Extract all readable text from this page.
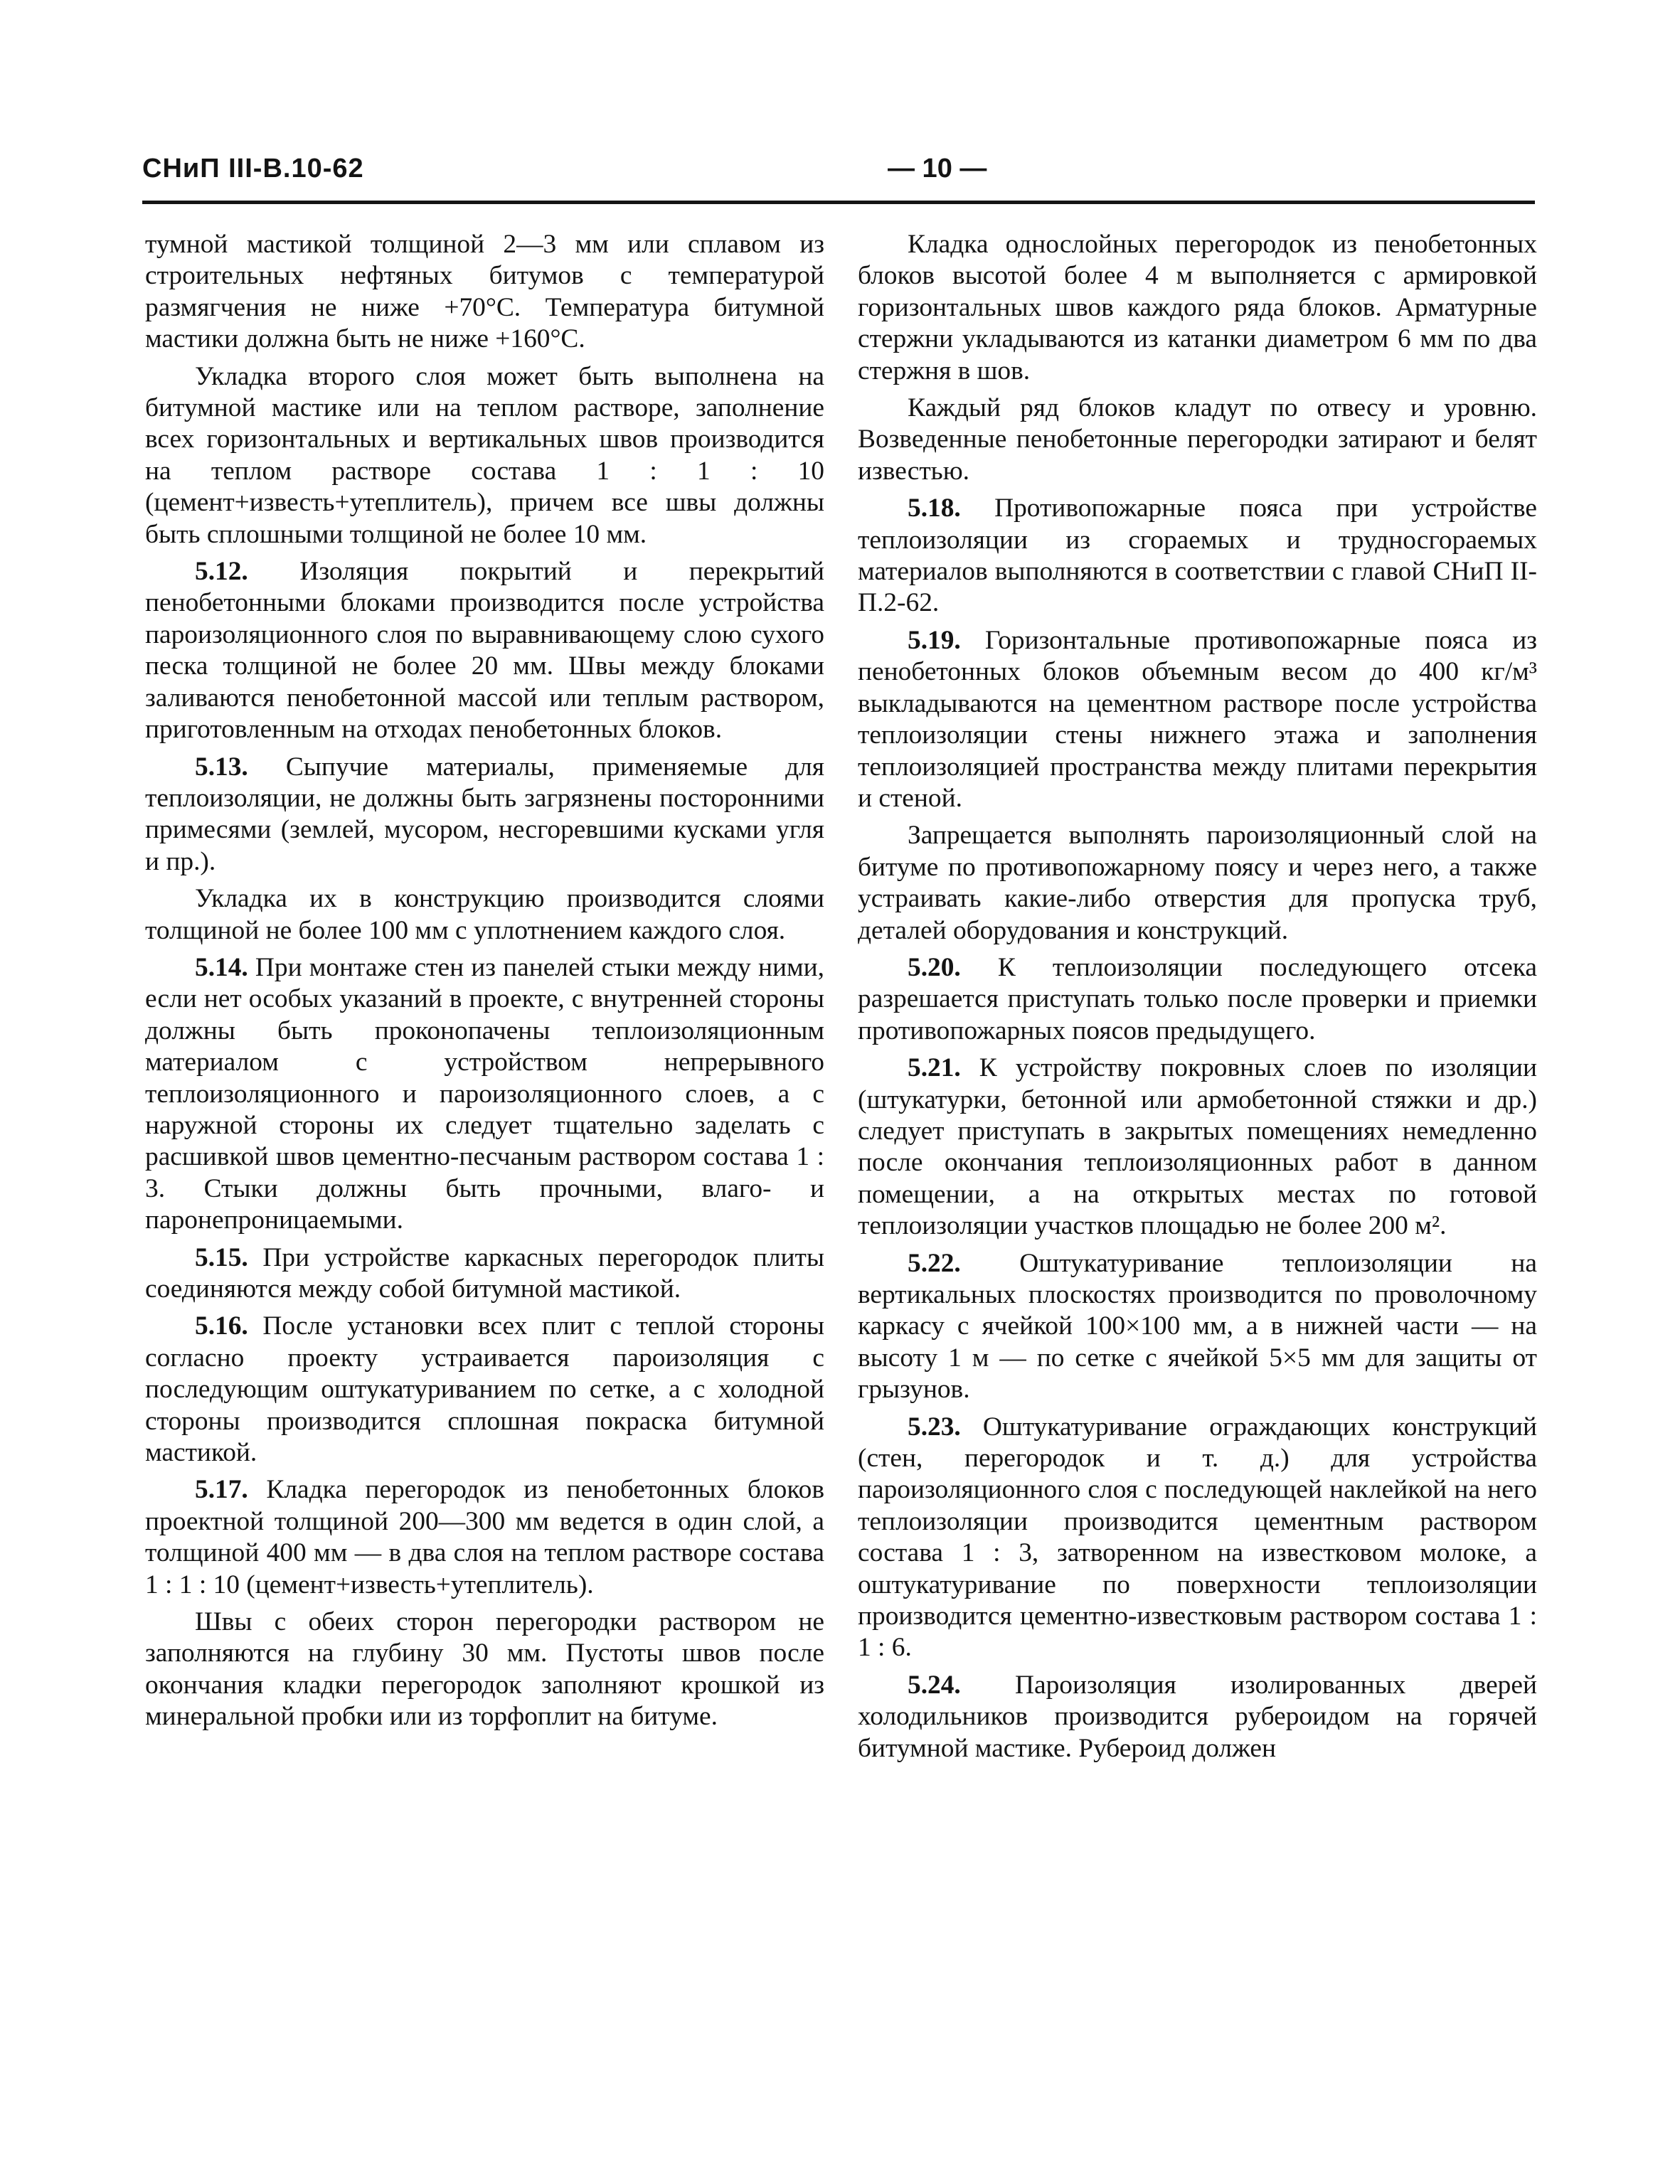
СНиП III-В.10-62	— 10 —

тумной мастикой толщиной 2—3 мм или сплавом из строительных нефтяных битумов с температурой размягчения не ниже +70°С. Температура битумной мастики должна быть не ниже +160°С.

Укладка второго слоя может быть выполнена на битумной мастике или на теплом растворе, заполнение всех горизонтальных и вертикальных швов производится на теплом растворе состава 1 : 1 : 10 (цемент+известь+утеплитель), причем все швы должны быть сплошными толщиной не более 10 мм.

5.12. Изоляция покрытий и перекрытий пенобетонными блоками производится после устройства пароизоляционного слоя по выравнивающему слою сухого песка толщиной не более 20 мм. Швы между блоками заливаются пенобетонной массой или теплым раствором, приготовленным на отходах пенобетонных блоков.

5.13. Сыпучие материалы, применяемые для теплоизоляции, не должны быть загрязнены посторонними примесями (землей, мусором, несгоревшими кусками угля и пр.).

Укладка их в конструкцию производится слоями толщиной не более 100 мм с уплотнением каждого слоя.

5.14. При монтаже стен из панелей стыки между ними, если нет особых указаний в проекте, с внутренней стороны должны быть проконопачены теплоизоляционным материалом с устройством непрерывного теплоизоляционного и пароизоляционного слоев, а с наружной стороны их следует тщательно заделать с расшивкой швов цементно-песчаным раствором состава 1 : 3. Стыки должны быть прочными, влаго- и паронепроницаемыми.

5.15. При устройстве каркасных перегородок плиты соединяются между собой битумной мастикой.

5.16. После установки всех плит с теплой стороны согласно проекту устраивается пароизоляция с последующим оштукатуриванием по сетке, а с холодной стороны производится сплошная покраска битумной мастикой.

5.17. Кладка перегородок из пенобетонных блоков проектной толщиной 200—300 мм ведется в один слой, а толщиной 400 мм — в два слоя на теплом растворе состава 1 : 1 : 10 (цемент+известь+утеплитель).

Швы с обеих сторон перегородки раствором не заполняются на глубину 30 мм. Пустоты швов после окончания кладки перегородок заполняют крошкой из минеральной пробки или из торфоплит на битуме.

Кладка однослойных перегородок из пенобетонных блоков высотой более 4 м выполняется с армировкой горизонтальных швов каждого ряда блоков. Арматурные стержни укладываются из катанки диаметром 6 мм по два стержня в шов.

Каждый ряд блоков кладут по отвесу и уровню. Возведенные пенобетонные перегородки затирают и белят известью.

5.18. Противопожарные пояса при устройстве теплоизоляции из сгораемых и трудносгораемых материалов выполняются в соответствии с главой СНиП II-П.2-62.

5.19. Горизонтальные противопожарные пояса из пенобетонных блоков объемным весом до 400 кг/м³ выкладываются на цементном растворе после устройства теплоизоляции стены нижнего этажа и заполнения теплоизоляцией пространства между плитами перекрытия и стеной.

Запрещается выполнять пароизоляционный слой на битуме по противопожарному поясу и через него, а также устраивать какие-либо отверстия для пропуска труб, деталей оборудования и конструкций.

5.20. К теплоизоляции последующего отсека разрешается приступать только после проверки и приемки противопожарных поясов предыдущего.

5.21. К устройству покровных слоев по изоляции (штукатурки, бетонной или армобетонной стяжки и др.) следует приступать в закрытых помещениях немедленно после окончания теплоизоляционных работ в данном помещении, а на открытых местах по готовой теплоизоляции участков площадью не более 200 м².

5.22. Оштукатуривание теплоизоляции на вертикальных плоскостях производится по проволочному каркасу с ячейкой 100×100 мм, а в нижней части — на высоту 1 м — по сетке с ячейкой 5×5 мм для защиты от грызунов.

5.23. Оштукатуривание ограждающих конструкций (стен, перегородок и т. д.) для устройства пароизоляционного слоя с последующей наклейкой на него теплоизоляции производится цементным раствором состава 1 : 3, затворенном на известковом молоке, а оштукатуривание по поверхности теплоизоляции производится цементно-известковым раствором состава 1 : 1 : 6.

5.24. Пароизоляция изолированных дверей холодильников производится рубероидом на горячей битумной мастике. Рубероид должен
